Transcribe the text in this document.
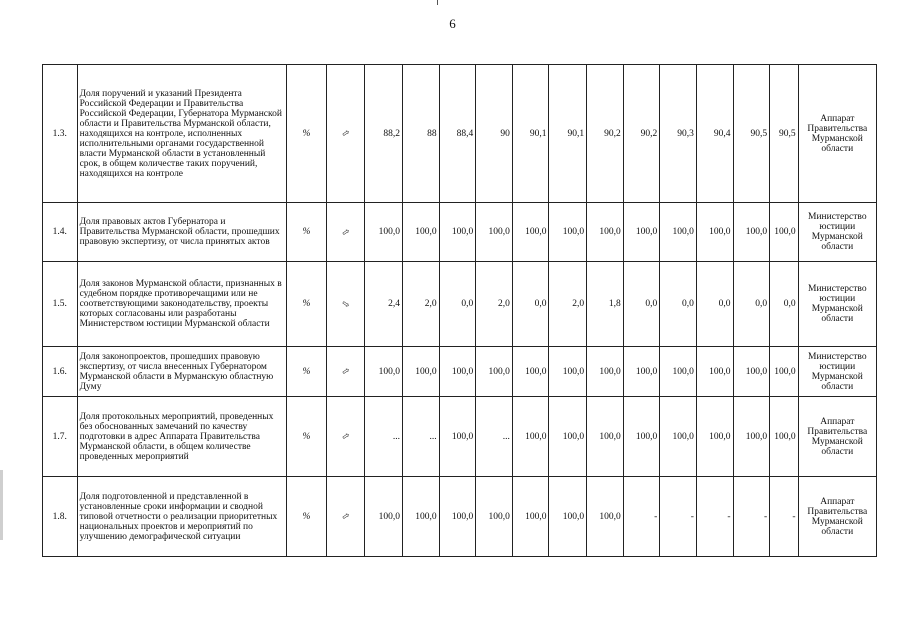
6
1.3.	Доля поручений и указаний Президента Российской Федерации и Правительства Российской Федерации, Губернатора Мурманской области и Правительства Мурманской области, находящихся на контроле, исполненных исполнительными органами государственной власти Мурманской области в установленный срок, в общем количестве таких поручений, находящихся на контроле	%	⇨	88,2	88	88,4	90	90,1	90,1	90,2	90,2	90,3	90,4	90,5	90,5	Аппарат Правительства Мурманской области
1.4.	Доля правовых актов Губернатора и Правительства Мурманской области, прошедших правовую экспертизу, от числа принятых актов	%	⇨	100,0	100,0	100,0	100,0	100,0	100,0	100,0	100,0	100,0	100,0	100,0	100,0	Министерство юстиции Мурманской области
1.5.	Доля законов Мурманской области, признанных в судебном порядке противоречащими или не соответствующими законодательству, проекты которых согласованы или разработаны Министерством юстиции Мурманской области	%	⇨	2,4	2,0	0,0	2,0	0,0	2,0	1,8	0,0	0,0	0,0	0,0	0,0	Министерство юстиции Мурманской области
1.6.	Доля законопроектов, прошедших правовую экспертизу, от числа внесенных Губернатором Мурманской области в Мурманскую областную Думу	%	⇨	100,0	100,0	100,0	100,0	100,0	100,0	100,0	100,0	100,0	100,0	100,0	100,0	Министерство юстиции Мурманской области
1.7.	Доля протокольных мероприятий, проведенных без обоснованных замечаний по качеству подготовки в адрес Аппарата Правительства Мурманской области, в общем количестве проведенных мероприятий	%	⇨	...	...	100,0	...	100,0	100,0	100,0	100,0	100,0	100,0	100,0	100,0	Аппарат Правительства Мурманской области
1.8.	Доля подготовленной и представленной в установленные сроки информации и сводной типовой отчетности о реализации приоритетных национальных проектов и мероприятий по улучшению демографической ситуации	%	⇨	100,0	100,0	100,0	100,0	100,0	100,0	100,0	-	-	-	-	-	Аппарат Правительства Мурманской области
